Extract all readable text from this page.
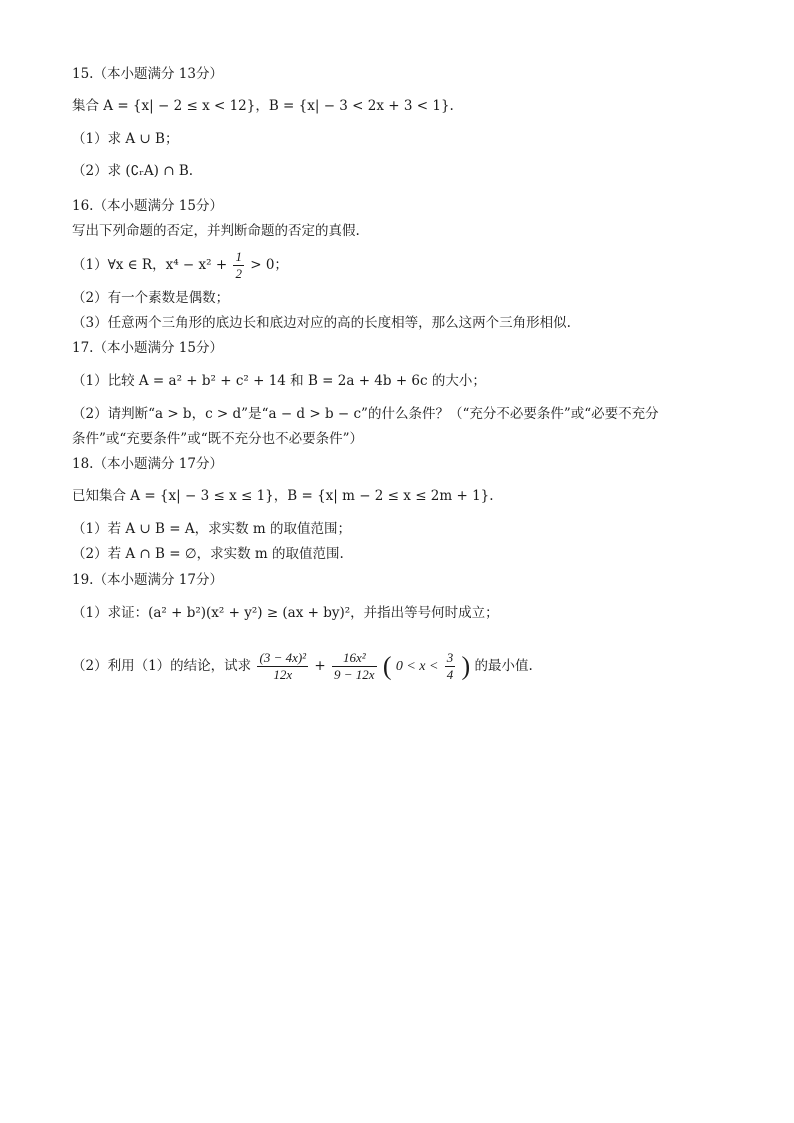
15.（本小题满分 13分）
集合 A = {x| − 2 ≤ x < 12}，B = {x| − 3 < 2x + 3 < 1}.
（1）求 A ∪ B；
（2）求 (∁ᵣA) ∩ B.
16.（本小题满分 15分）
写出下列命题的否定，并判断命题的否定的真假.
（1）∀x ∈ R，$x^4 - x^2 + \frac{1}{2} > 0$；
（2）有一个素数是偶数；
（3）任意两个三角形的底边长和底边对应的高的长度相等，那么这两个三角形相似.
17.（本小题满分 15分）
（1）比较 A = a² + b² + c² + 14 和 B = 2a + 4b + 6c 的大小；
（2）请判断“a > b，c > d”是“a − d > b − c”的什么条件？（“充分不必要条件”或“必要不充分
条件”或“充要条件”或“既不充分也不必要条件”）
18.（本小题满分 17分）
已知集合 A = {x| − 3 ≤ x ≤ 1}，B = {x| m − 2 ≤ x ≤ 2m + 1}.
（1）若 A ∪ B = A，求实数 m 的取值范围；
（2）若 A ∩ B = ∅，求实数 m 的取值范围.
19.（本小题满分 17分）
（1）求证：(a² + b²)(x² + y²) ≥ (ax + by)²，并指出等号何时成立；
（2）利用（1）的结论，试求 $\frac{\text{(3 − 4x)²}}{12x} + \frac{\text{16x²}}{9 - 12x}$ ( $0 < x < \frac{3}{4}$ ) 的最小值.
